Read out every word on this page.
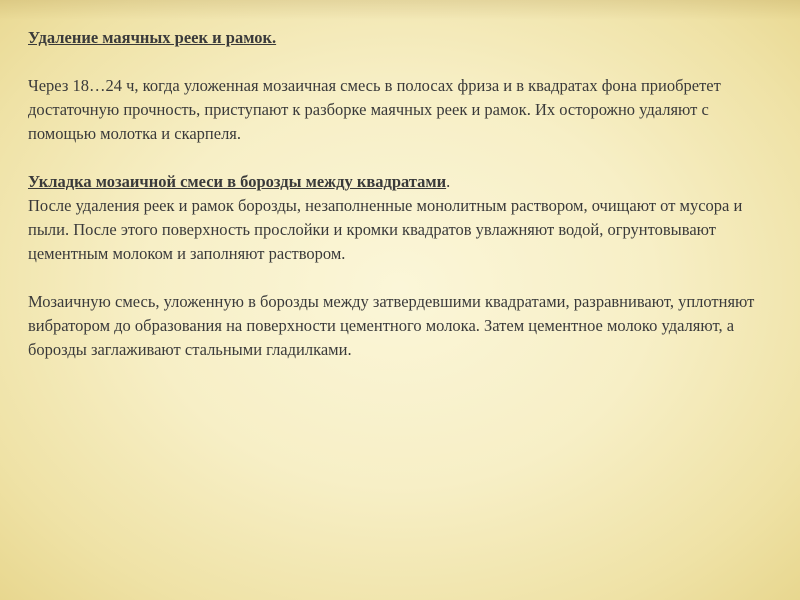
Удаление маячных реек и рамок.

Через 18…24 ч, когда уложенная мозаичная смесь в полосах фриза и в квадратах фона приобретет достаточную прочность, приступают к разборке маячных реек и рамок. Их осторожно удаляют с помощью молотка и скарпеля.

Укладка мозаичной смеси в борозды между квадратами.

После удаления реек и рамок борозды, незаполненные монолитным раствором, очищают от мусора и пыли. После этого поверхность прослойки и кромки квадратов увлажняют водой, огрунтовывают цементным молоком и заполняют раствором.

Мозаичную смесь, уложенную в борозды между затвердевшими квадратами, разравнивают, уплотняют вибратором до образования на поверхности цементного молока. Затем цементное молоко удаляют, а борозды заглаживают стальными гладилками.
